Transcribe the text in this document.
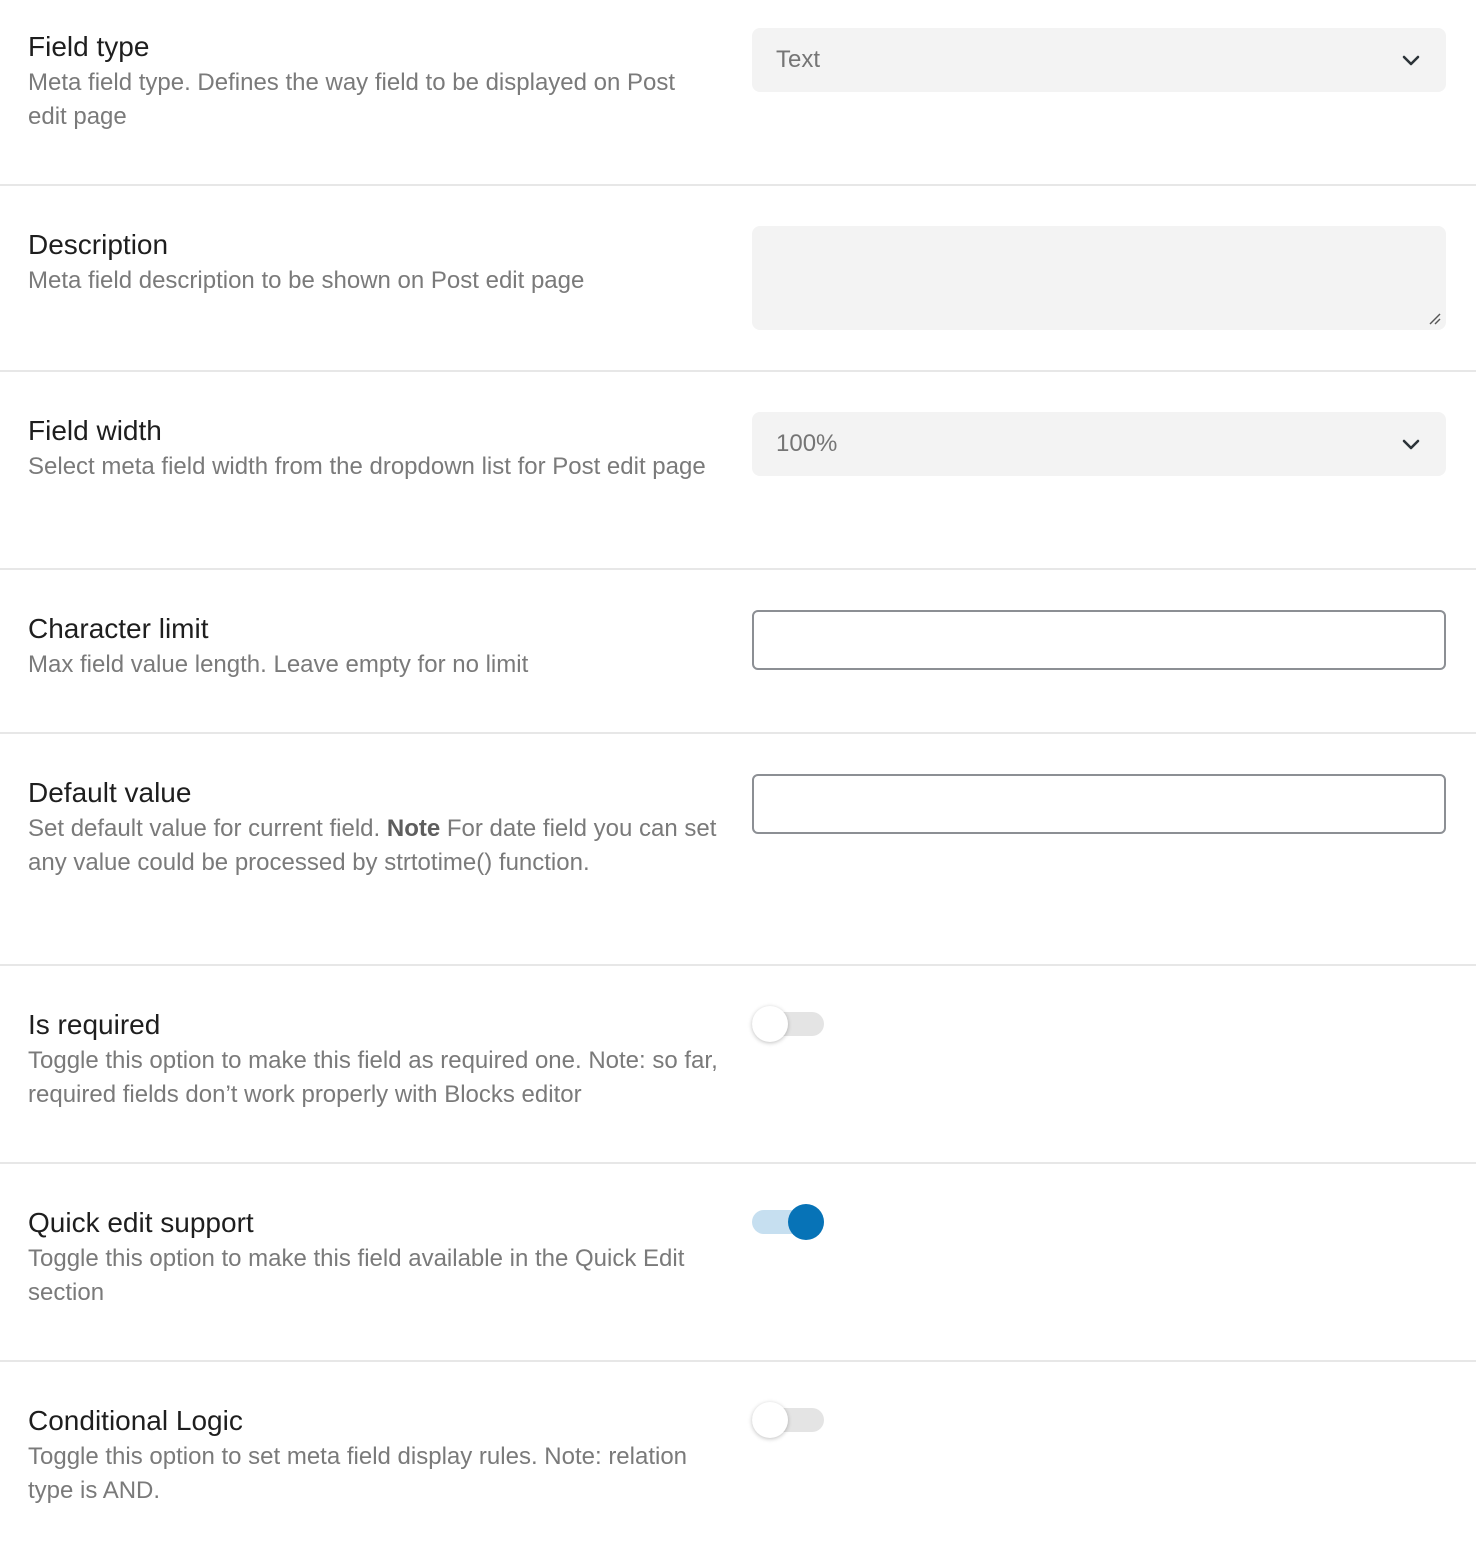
Field type
Meta field type. Defines the way field to be displayed on Post edit page
Text
Description
Meta field description to be shown on Post edit page
Field width
Select meta field width from the dropdown list for Post edit page
100%
Character limit
Max field value length. Leave empty for no limit
Default value
Set default value for current field. Note For date field you can set any value could be processed by strtotime() function.
Is required
Toggle this option to make this field as required one. Note: so far, required fields don’t work properly with Blocks editor
Quick edit support
Toggle this option to make this field available in the Quick Edit section
Conditional Logic
Toggle this option to set meta field display rules. Note: relation type is AND.
